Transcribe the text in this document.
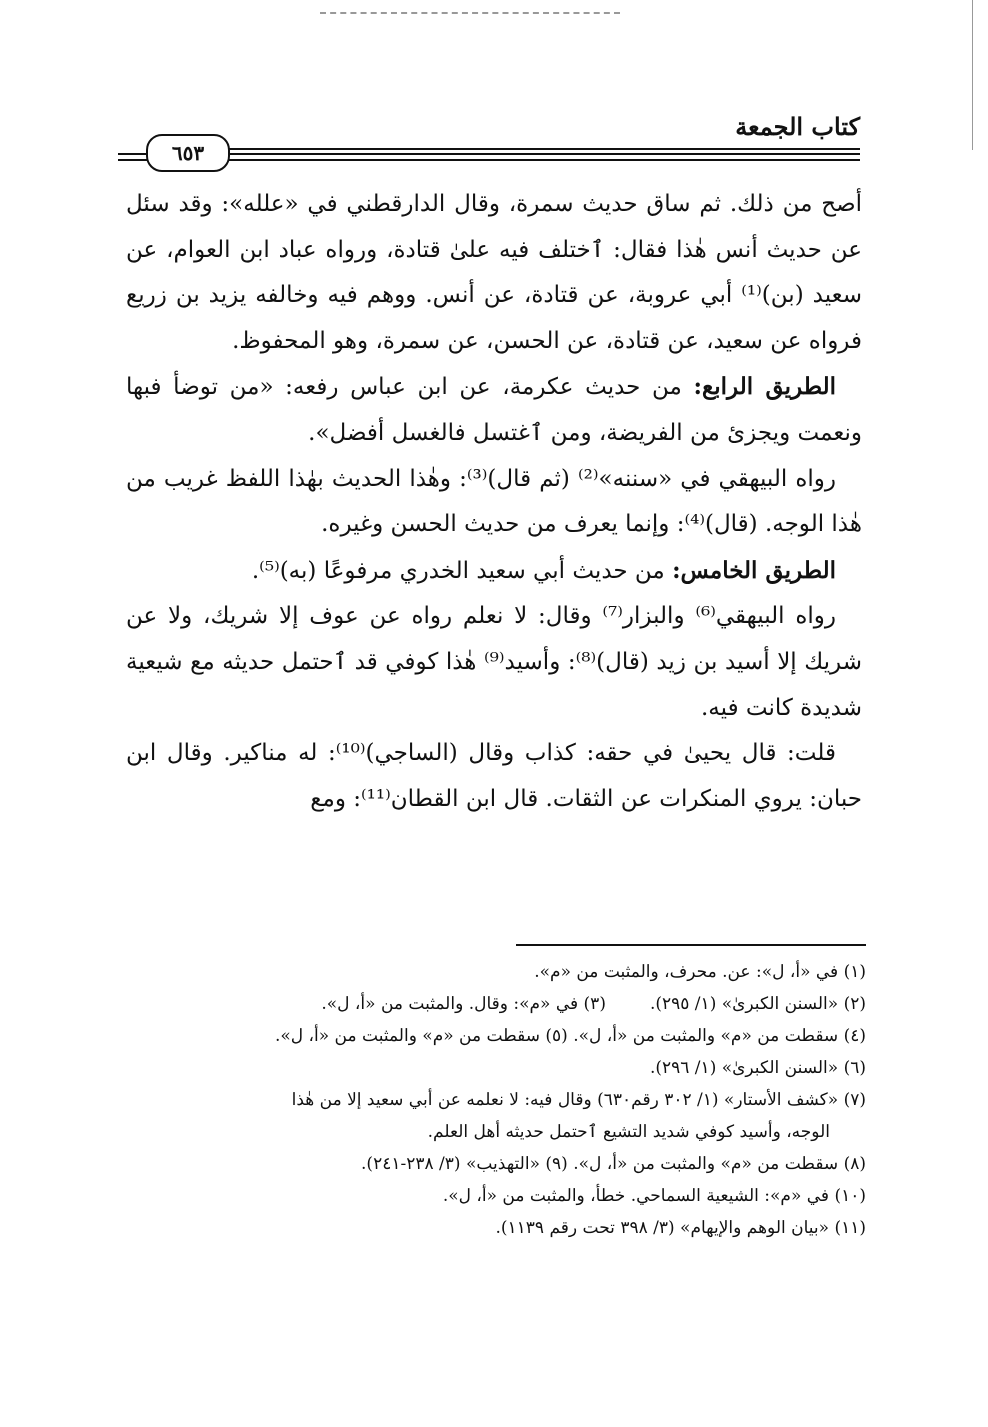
كتاب الجمعة
٦٥٣

أصح من ذلك. ثم ساق حديث سمرة، وقال الدارقطني في «علله»: وقد سئل عن حديث أنس هٰذا فقال: ٱختلف فيه علىٰ قتادة، ورواه عباد ابن العوام، عن سعيد (بن)⁽¹⁾ أبي عروبة، عن قتادة، عن أنس. ووهم فيه وخالفه يزيد بن زريع فرواه عن سعيد، عن قتادة، عن الحسن، عن سمرة، وهو المحفوظ.

الطريق الرابع: من حديث عكرمة، عن ابن عباس رفعه: «من توضأ فبها ونعمت ويجزئ من الفريضة، ومن ٱغتسل فالغسل أفضل».

رواه البيهقي في «سننه»⁽²⁾ (ثم قال)⁽³⁾: وهٰذا الحديث بهٰذا اللفظ غريب من هٰذا الوجه. (قال)⁽⁴⁾: وإنما يعرف من حديث الحسن وغيره.

الطريق الخامس: من حديث أبي سعيد الخدري مرفوعًا (به)⁽⁵⁾.

رواه البيهقي⁽⁶⁾ والبزار⁽⁷⁾ وقال: لا نعلم رواه عن عوف إلا شريك، ولا عن شريك إلا أسيد بن زيد (قال)⁽⁸⁾: وأسيد⁽⁹⁾ هٰذا كوفي قد ٱحتمل حديثه مع شيعية شديدة كانت فيه.

قلت: قال يحيىٰ في حقه: كذاب وقال (الساجي)⁽¹⁰⁾: له مناكير. وقال ابن حبان: يروي المنكرات عن الثقات. قال ابن القطان⁽¹¹⁾: ومع

(١) في «أ، ل»: عن. محرف، والمثبت من «م».

(٢) «السنن الكبرىٰ» (١/ ٢٩٥).(٣) في «م»: وقال. والمثبت من «أ، ل».

(٤) سقطت من «م» والمثبت من «أ، ل». (٥) سقطت من «م» والمثبت من «أ، ل».

(٦) «السنن الكبرىٰ» (١/ ٢٩٦).

(٧) «كشف الأستار» (١/ ٣٠٢ رقم٦٣٠) وقال فيه: لا نعلمه عن أبي سعيد إلا من هٰذا

الوجه، وأسيد كوفي شديد التشيع ٱحتمل حديثه أهل العلم.

(٨) سقطت من «م» والمثبت من «أ، ل». (٩) «التهذيب» (٣/ ٢٣٨-٢٤١).

(١٠) في «م»: الشيعية السماحي. خطأ، والمثبت من «أ، ل».

(١١) «بيان الوهم والإيهام» (٣/ ٣٩٨ تحت رقم ١١٣٩).
